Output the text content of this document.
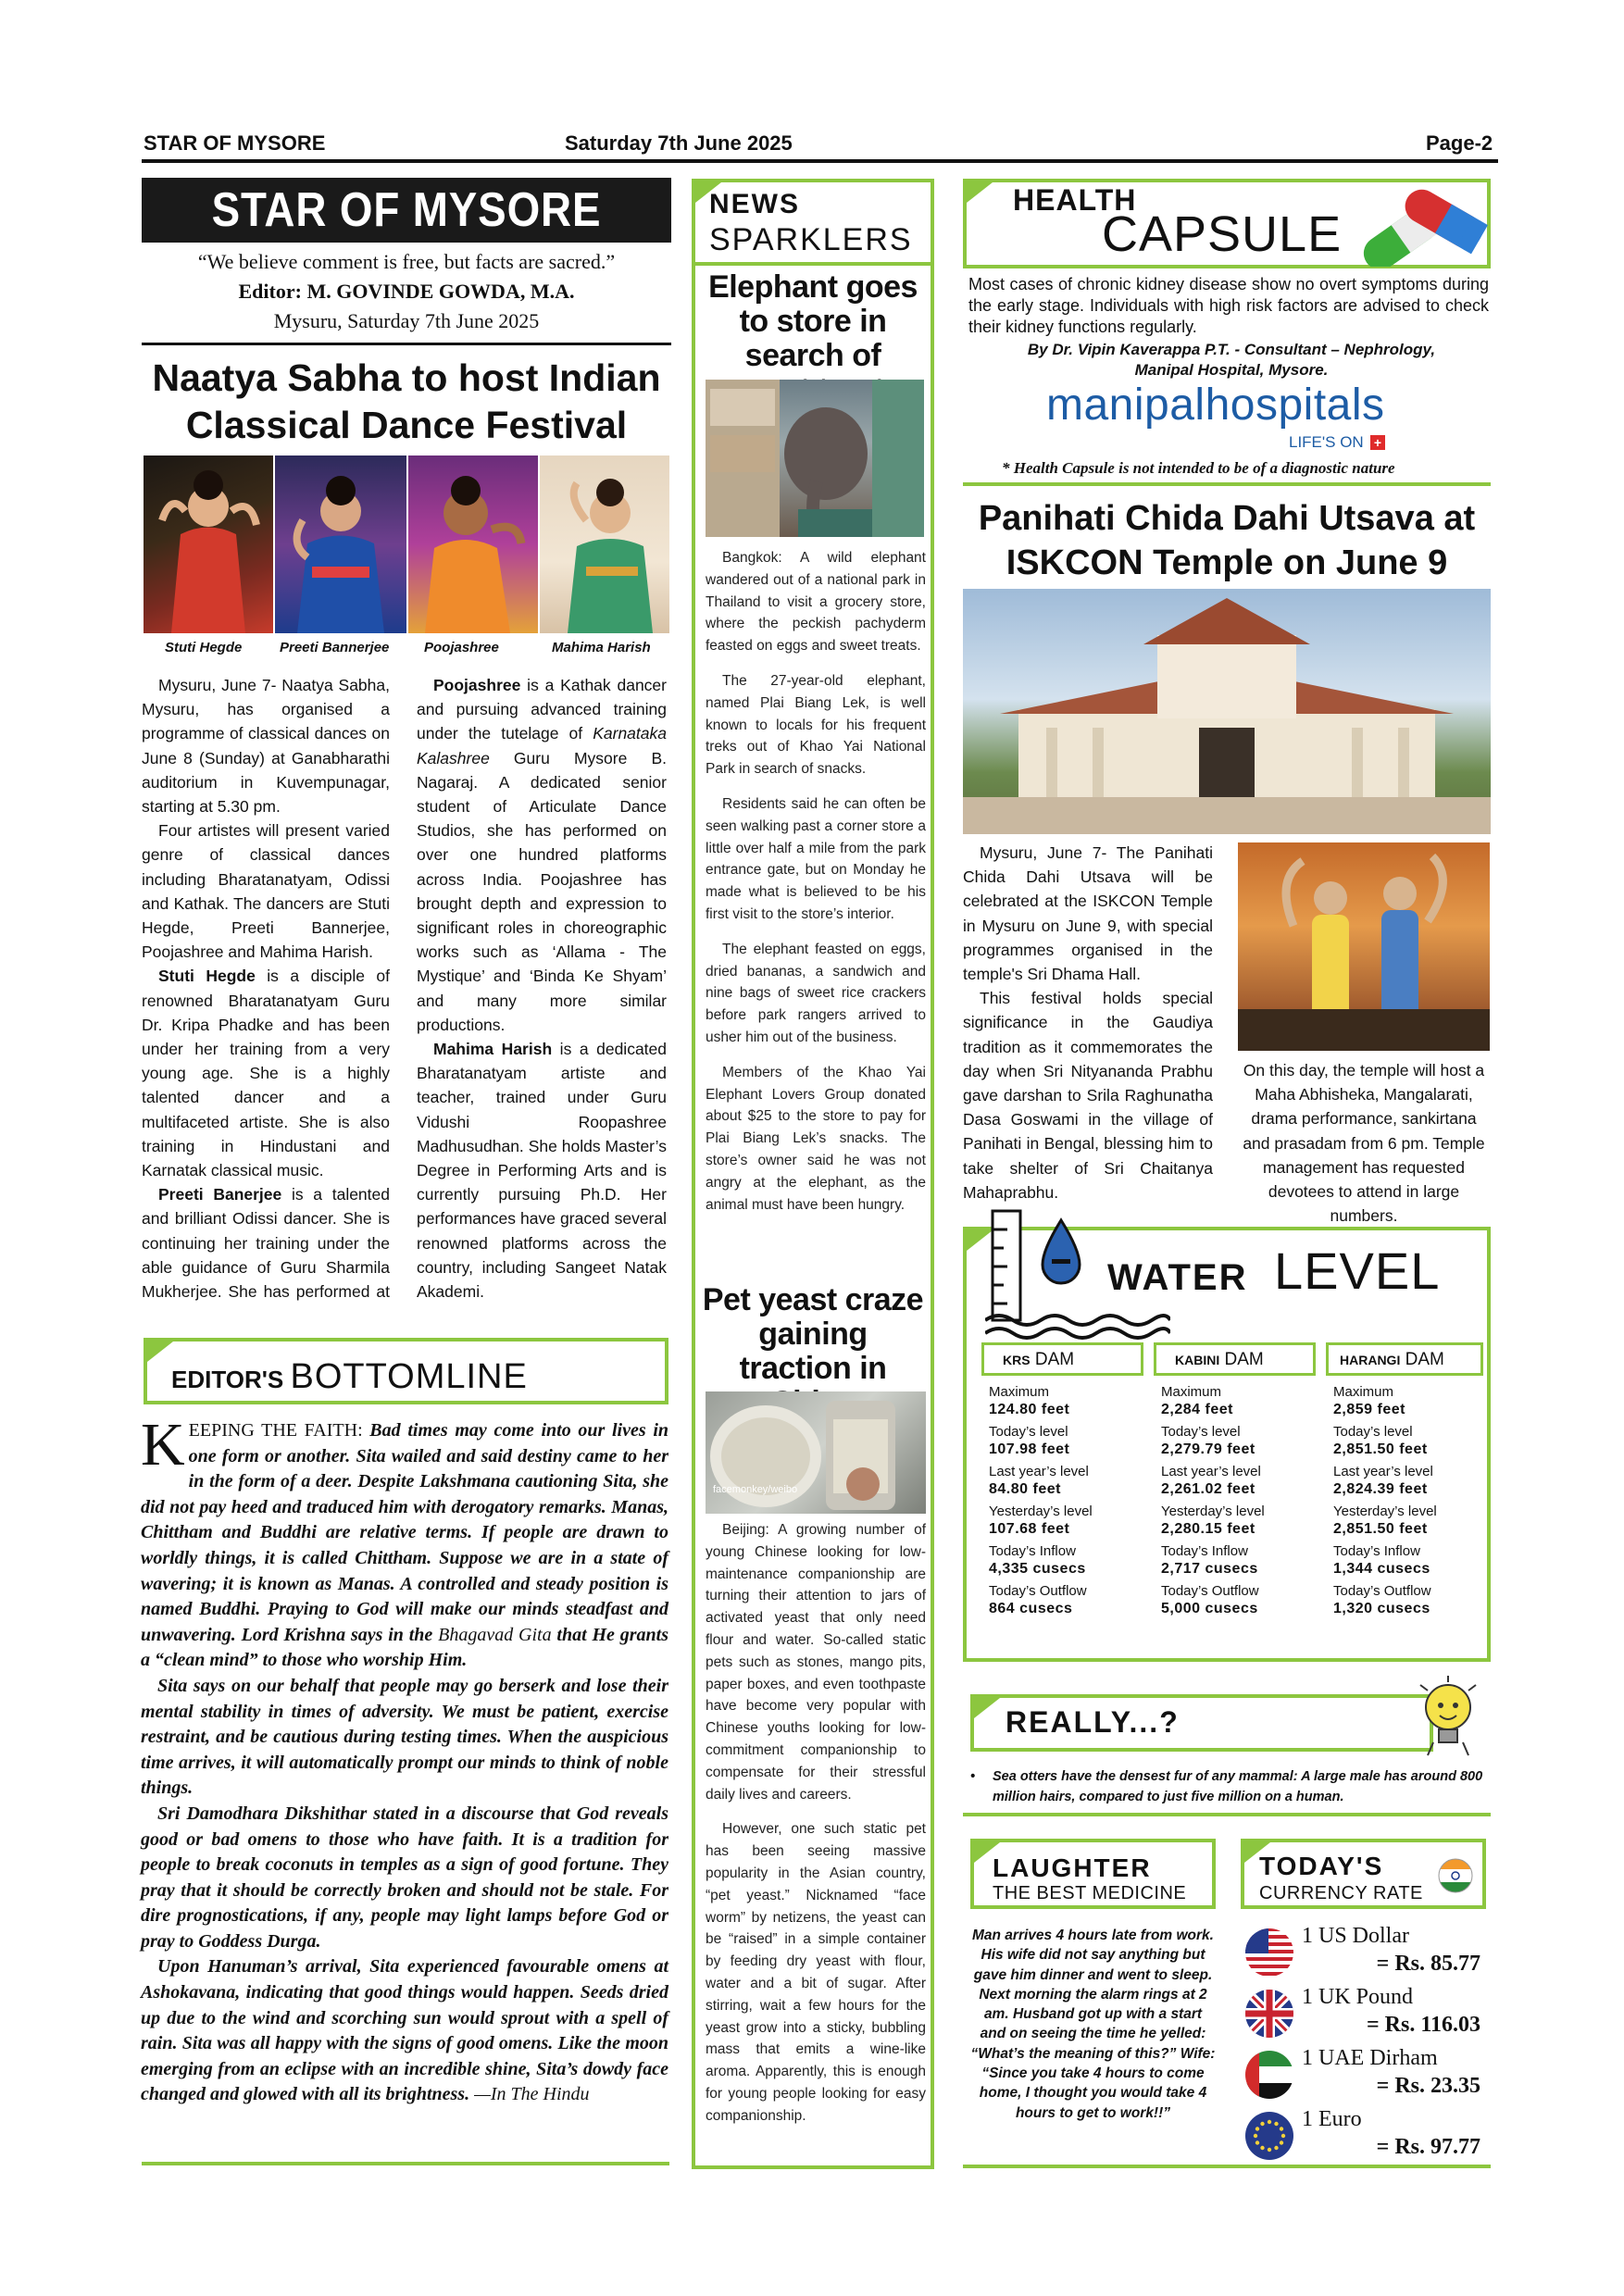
STAR OF MYSORE	Saturday 7th June 2025	Page-2
STAR OF MYSORE
“We believe comment is free, but facts are sacred.”
Editor: M. GOVINDE GOWDA, M.A.
Mysuru, Saturday 7th June 2025
Naatya Sabha to host Indian Classical Dance Festival
Stuti Hegde	Preeti Bannerjee	Poojashree	Mahima Harish

Mysuru, June 7- Naatya Sabha, Mysuru, has organised a programme of classical dances on June 8 (Sunday) at Ganabharathi auditorium in Kuvempunagar, starting at 5.30 pm.

Four artistes will present varied genre of classical dances including Bharatanatyam, Odissi and Kathak. The dancers are Stuti Hegde, Preeti Bannerjee, Poojashree and Mahima Harish.

Stuti Hegde is a disciple of renowned Bharatanatyam Guru Dr. Kripa Phadke and has been under her training from a very young age. She is a highly talented dancer and a multifaceted artiste. She is also training in Hindustani and Karnatak classical music.

Preeti Banerjee is a talented and brilliant Odissi dancer. She is continuing her training under the able guidance of Guru Sharmila Mukherjee. She has performed at

Poojashree is a Kathak dancer and pursuing advanced training under the tutelage of Karnataka Kalashree Guru Mysore B. Nagaraj. A dedicated senior student of Articulate Dance Studios, she has performed on over one hundred platforms across India. Poojashree has brought depth and expression to significant roles in choreographic works such as ‘Allama - The Mystique’ and ‘Binda Ke Shyam’ and many more similar productions.

Mahima Harish is a dedicated Bharatanatyam artiste and teacher, trained under Guru Vidushi Roopashree Madhusudhan. She holds Master’s Degree in Performing Arts and is currently pursuing Ph.D. Her performances have graced several renowned platforms across the country, including Sangeet Natak Akademi.

EDITOR'S BOTTOMLINE

KEEPING THE FAITH: Bad times may come into our lives in one form or another. Sita wailed and said destiny came to her in the form of a deer. Despite Lakshmana cautioning Sita, she did not pay heed and traduced him with derogatory remarks. Manas, Chittham and Buddhi are relative terms. If people are drawn to worldly things, it is called Chittham. Suppose we are in a state of wavering; it is known as Manas. A controlled and steady position is named Buddhi. Praying to God will make our minds steadfast and unwavering. Lord Krishna says in the Bhagavad Gita that He grants a “clean mind” to those who worship Him.

Sita says on our behalf that people may go berserk and lose their mental stability in times of adversity. We must be patient, exercise restraint, and be cautious during testing times. When the auspicious time arrives, it will automatically prompt our minds to think of noble things.

Sri Damodhara Dikshithar stated in a discourse that God reveals good or bad omens to those who have faith. It is a tradition for people to break coconuts in temples as a sign of good fortune. They pray that it should be correctly broken and should not be stale. For dire prognostications, if any, people may light lamps before God or pray to Goddess Durga.

Upon Hanuman’s arrival, Sita experienced favourable omens at Ashokavana, indicating that good things would happen. Seeds dried up due to the wind and scorching sun would sprout with a spell of rain. Sita was all happy with the signs of good omens. Like the moon emerging from an eclipse with an incredible shine, Sita’s dowdy face changed and glowed with all its brightness. —In The Hindu

NEWS
SPARKLERS
Elephant goes to store in search of

Bangkok: A wild elephant wandered out of a national park in Thailand to visit a grocery store, where the peckish pachyderm feasted on eggs and sweet treats.

The 27-year-old elephant, named Plai Biang Lek, is well known to locals for his frequent treks out of Khao Yai National Park in search of snacks.

Residents said he can often be seen walking past a corner store a little over half a mile from the park entrance gate, but on Monday he made what is believed to be his first visit to the store’s interior.

The elephant feasted on eggs, dried bananas, a sandwich and nine bags of sweet rice crackers before park rangers arrived to usher him out of the business.

Members of the Khao Yai Elephant Lovers Group donated about $25 to the store to pay for Plai Biang Lek’s snacks. The store’s owner said he was not angry at the elephant, as the animal must have been hungry.

Pet yeast craze gaining traction in
facemonkey/weibo

Beijing: A growing number of young Chinese looking for low-maintenance companionship are turning their attention to jars of activated yeast that only need flour and water. So-called static pets such as stones, mango pits, paper boxes, and even toothpaste have become very popular with Chinese youths looking for low-commitment companionship to compensate for their stressful daily lives and careers.

However, one such static pet has been seeing massive popularity in the Asian country, “pet yeast.” Nicknamed “face worm” by netizens, the yeast can be “raised” in a simple container by feeding dry yeast with flour, water and a bit of sugar. After stirring, wait a few hours for the yeast grow into a sticky, bubbling mass that emits a wine-like aroma. Apparently, this is enough for young people looking for easy companionship.

HEALTH
CAPSULE
Most cases of chronic kidney disease show no overt symptoms during the early stage. Individuals with high risk factors are advised to check their kidney functions regularly.
By Dr. Vipin Kaverappa P.T. - Consultant – Nephrology, Manipal Hospital, Mysore.
manipalhospitals
LIFE'S ON +
* Health Capsule is not intended to be of a diagnostic nature
Panihati Chida Dahi Utsava at ISKCON Temple on June 9

Mysuru, June 7- The Panihati Chida Dahi Utsava will be celebrated at the ISKCON Temple in Mysuru on June 9, with special programmes organised in the temple's Sri Dhama Hall.

This festival holds special significance in the Gaudiya tradition as it commemorates the day when Sri Nityananda Prabhu gave darshan to Srila Raghunatha Dasa Goswami in the village of Panihati in Bengal, blessing him to take shelter of Sri Chaitanya Mahaprabhu.

On this day, the temple will host a Maha Abhisheka, Mangalarati, drama performance, sankirtana and prasadam from 6 pm. Temple management has requested devotees to attend in large numbers.
WATER LEVEL
KRS DAM
Maximum
124.80 feet
Today’s level
107.98 feet
Last year’s level
84.80 feet
Yesterday’s level
107.68 feet
Today’s Inflow
4,335 cusecs
Today’s Outflow
864 cusecs
KABINI DAM
Maximum
2,284 feet
Today’s level
2,279.79 feet
Last year’s level
2,261.02 feet
Yesterday’s level
2,280.15 feet
Today’s Inflow
2,717 cusecs
Today’s Outflow
5,000 cusecs
HARANGI DAM
Maximum
2,859 feet
Today’s level
2,851.50 feet
Last year’s level
2,824.39 feet
Yesterday’s level
2,851.50 feet
Today’s Inflow
1,344 cusecs
Today’s Outflow
1,320 cusecs
REALLY...?
•	Sea otters have the densest fur of any mammal: A large male has around 800 million hairs, compared to just five million on a human.
LAUGHTER
THE BEST MEDICINE
Man arrives 4 hours late from work. His wife did not say anything but gave him dinner and went to sleep. Next morning the alarm rings at 2 am. Husband got up with a start and on seeing the time he yelled: “What’s the meaning of this?” Wife: “Since you take 4 hours to come home, I thought you would take 4 hours to get to work!!”
TODAY'S
CURRENCY RATE
1 US Dollar
= Rs. 85.77
1 UK Pound
= Rs. 116.03
1 UAE Dirham
= Rs. 23.35
1 Euro
= Rs. 97.77
